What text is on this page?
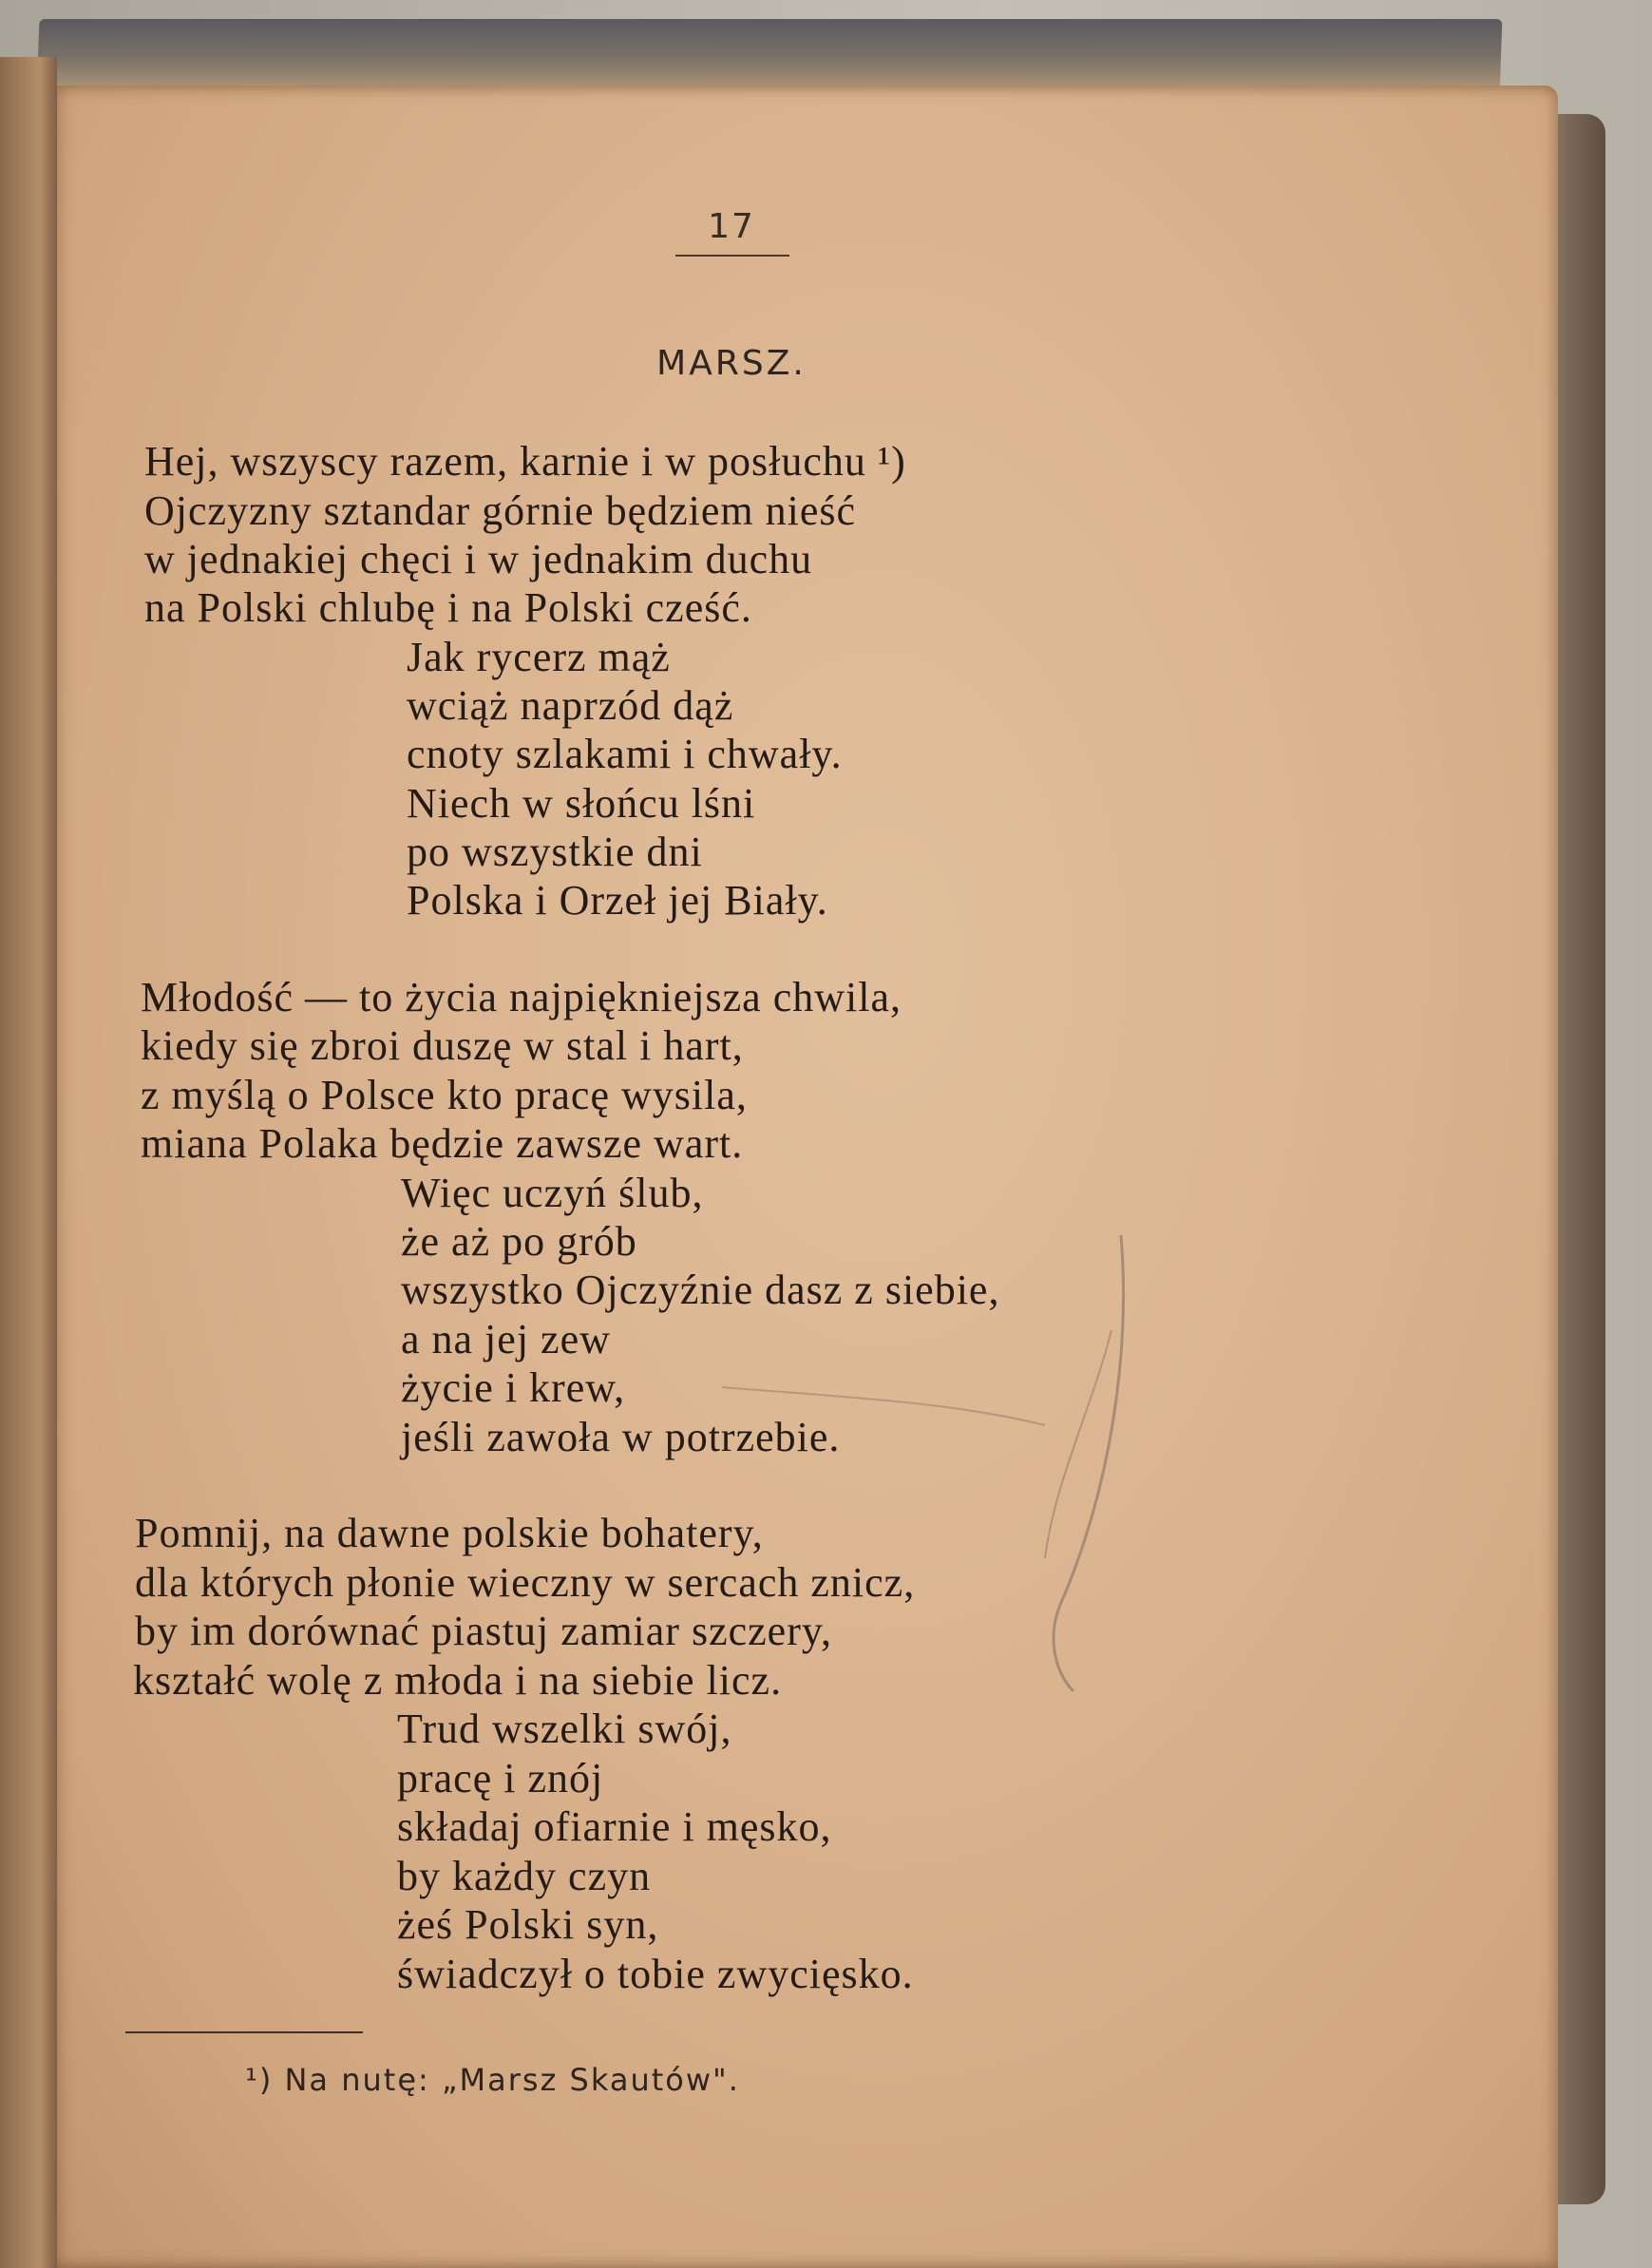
17
MARSZ.
Hej, wszyscy razem, karnie i w posłuchu ¹)
Ojczyzny sztandar górnie będziem nieść
w jednakiej chęci i w jednakim duchu
na Polski chlubę i na Polski cześć.
Jak rycerz mąż
wciąż naprzód dąż
cnoty szlakami i chwały.
Niech w słońcu lśni
po wszystkie dni
Polska i Orzeł jej Biały.
Młodość — to życia najpiękniejsza chwila,
kiedy się zbroi duszę w stal i hart,
z myślą o Polsce kto pracę wysila,
miana Polaka będzie zawsze wart.
Więc uczyń ślub,
że aż po grób
wszystko Ojczyźnie dasz z siebie,
a na jej zew
życie i krew,
jeśli zawoła w potrzebie.
Pomnij, na dawne polskie bohatery,
dla których płonie wieczny w sercach znicz,
by im dorównać piastuj zamiar szczery,
kształć wolę z młoda i na siebie licz.
Trud wszelki swój,
pracę i znój
składaj ofiarnie i męsko,
by każdy czyn
żeś Polski syn,
świadczył o tobie zwycięsko.
¹) Na nutę: „Marsz Skautów".
